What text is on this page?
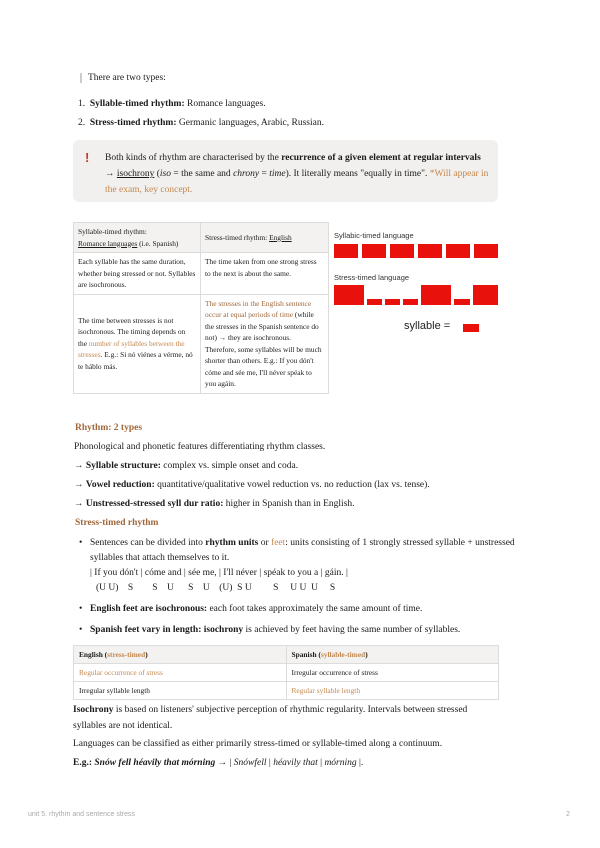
There are two types:
1. Syllable-timed rhythm: Romance languages.
2. Stress-timed rhythm: Germanic languages, Arabic, Russian.
! Both kinds of rhythm are characterised by the recurrence of a given element at regular intervals → isochrony (iso = the same and chrony = time). It literally means "equally in time". *Will appear in the exam, key concept.
Syllable-timed rhythm:
Romance languages (i.e. Spanish)	Stress-timed rhythm: English
Each syllable has the same duration, whether being stressed or not. Syllables are isochronous.	The time taken from one strong stress to the next is about the same.
The time between stresses is not isochronous. The timing depends on the number of syllables between the stresses. E.g.: Si nó viénes a vérme, nó te háblo más.	The stresses in the English sentence occur at equal periods of time (while the stresses in the Spanish sentence do not) → they are isochronous.
Therefore, some syllables will be much shorter than others. E.g.: If you dón't cóme and sée me, I'll néver spéak to you agáin.
Syllabic-timed language
Stress-timed language
syllable =
Rhythm: 2 types
Phonological and phonetic features differentiating rhythm classes.
→ Syllable structure: complex vs. simple onset and coda.
→ Vowel reduction: quantitative/qualitative vowel reduction vs. no reduction (lax vs. tense).
→ Unstressed-stressed syll dur ratio: higher in Spanish than in English.
Stress-timed rhythm
• Sentences can be divided into rhythm units or feet: units consisting of 1 strongly stressed syllable + unstressed syllables that attach themselves to it.
| If you dón't | cóme and | sée me, | I'll néver | spéak to you a | gáin. |
(U U)    S        S    U      S    U    (U)  S U         S     U U  U     S
• English feet are isochronous: each foot takes approximately the same amount of time.
• Spanish feet vary in length: isochrony is achieved by feet having the same number of syllables.
English (stress-timed)	Spanish (syllable-timed)
Regular occurrence of stress	Irregular occurrence of stress
Irregular syllable length	Regular syllable length
Isochrony is based on listeners' subjective perception of rhythmic regularity. Intervals between stressed syllables are not identical.
Languages can be classified as either primarily stress-timed or syllable-timed along a continuum.
E.g.: Snów fell héavily that mórning → | Snówfell | héavily that | mórning |.
unit 5. rhythm and sentence stress	2
